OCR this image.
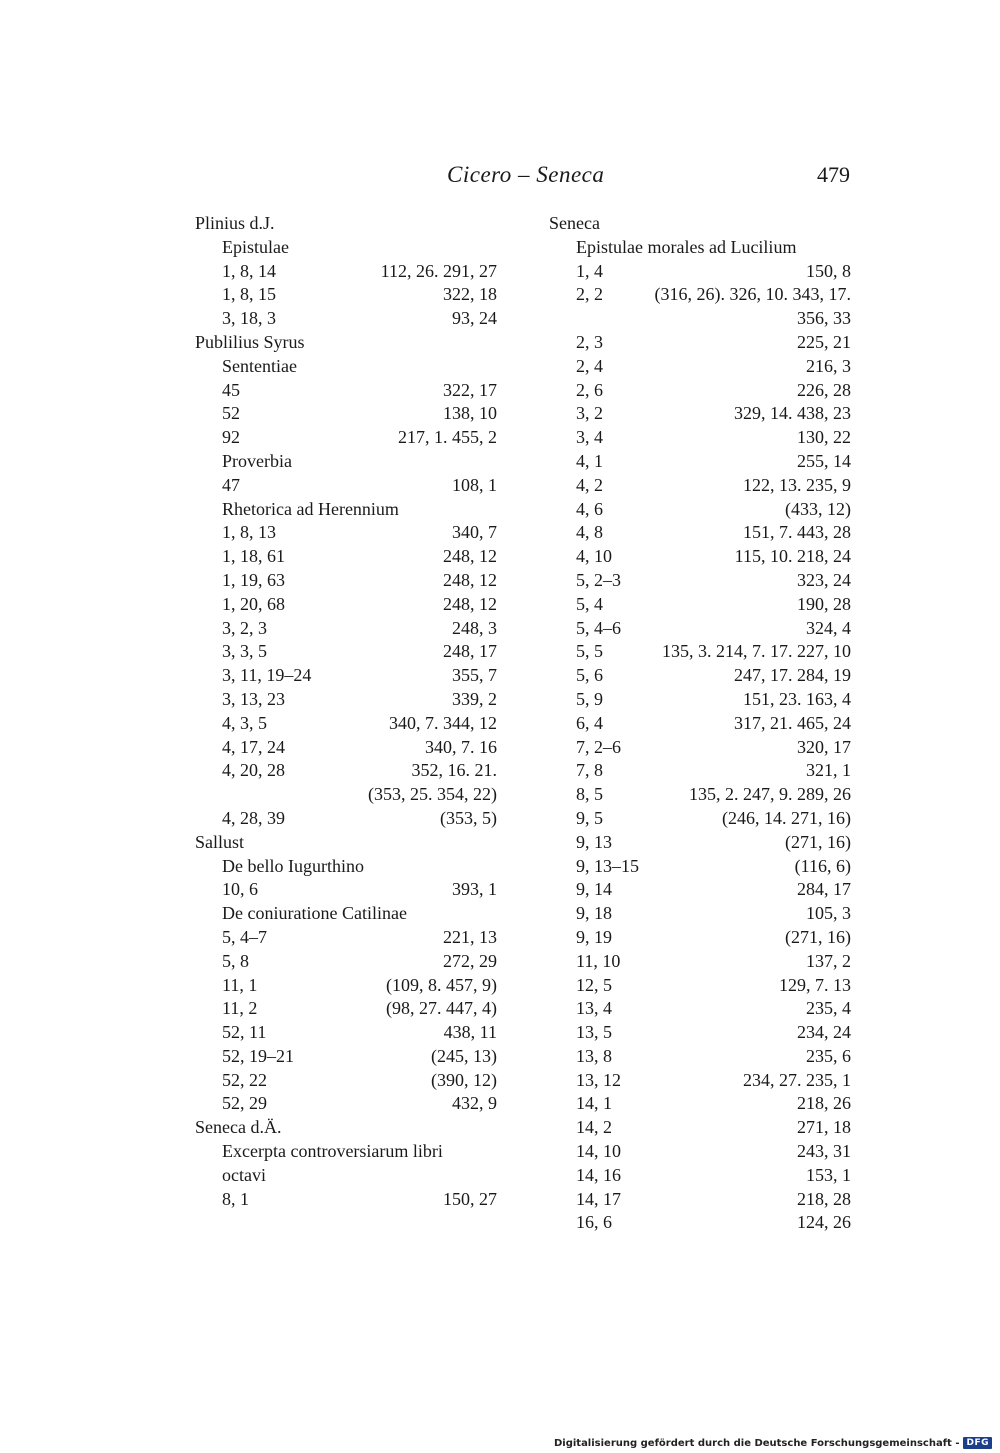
Cicero – Seneca	479
Plinius d.J.
Epistulae
1, 8, 14	112, 26. 291, 27
1, 8, 15	322, 18
3, 18, 3	93, 24
Publilius Syrus
Sententiae
45	322, 17
52	138, 10
92	217, 1. 455, 2
Proverbia
47	108, 1
Rhetorica ad Herennium
1, 8, 13	340, 7
1, 18, 61	248, 12
1, 19, 63	248, 12
1, 20, 68	248, 12
3, 2, 3	248, 3
3, 3, 5	248, 17
3, 11, 19–24	355, 7
3, 13, 23	339, 2
4, 3, 5	340, 7. 344, 12
4, 17, 24	340, 7. 16
4, 20, 28	352, 16. 21.
(353, 25. 354, 22)
4, 28, 39	(353, 5)
Sallust
De bello Iugurthino
10, 6	393, 1
De coniuratione Catilinae
5, 4–7	221, 13
5, 8	272, 29
11, 1	(109, 8. 457, 9)
11, 2	(98, 27. 447, 4)
52, 11	438, 11
52, 19–21	(245, 13)
52, 22	(390, 12)
52, 29	432, 9
Seneca d.Ä.
Excerpta controversiarum libri
octavi
8, 1	150, 27
Seneca
Epistulae morales ad Lucilium
1, 4	150, 8
2, 2	(316, 26). 326, 10. 343, 17.
356, 33
2, 3	225, 21
2, 4	216, 3
2, 6	226, 28
3, 2	329, 14. 438, 23
3, 4	130, 22
4, 1	255, 14
4, 2	122, 13. 235, 9
4, 6	(433, 12)
4, 8	151, 7. 443, 28
4, 10	115, 10. 218, 24
5, 2–3	323, 24
5, 4	190, 28
5, 4–6	324, 4
5, 5	135, 3. 214, 7. 17. 227, 10
5, 6	247, 17. 284, 19
5, 9	151, 23. 163, 4
6, 4	317, 21. 465, 24
7, 2–6	320, 17
7, 8	321, 1
8, 5	135, 2. 247, 9. 289, 26
9, 5	(246, 14. 271, 16)
9, 13	(271, 16)
9, 13–15	(116, 6)
9, 14	284, 17
9, 18	105, 3
9, 19	(271, 16)
11, 10	137, 2
12, 5	129, 7. 13
13, 4	235, 4
13, 5	234, 24
13, 8	235, 6
13, 12	234, 27. 235, 1
14, 1	218, 26
14, 2	271, 18
14, 10	243, 31
14, 16	153, 1
14, 17	218, 28
16, 6	124, 26
Digitalisierung gefördert durch die Deutsche Forschungsgemeinschaft - DFG
